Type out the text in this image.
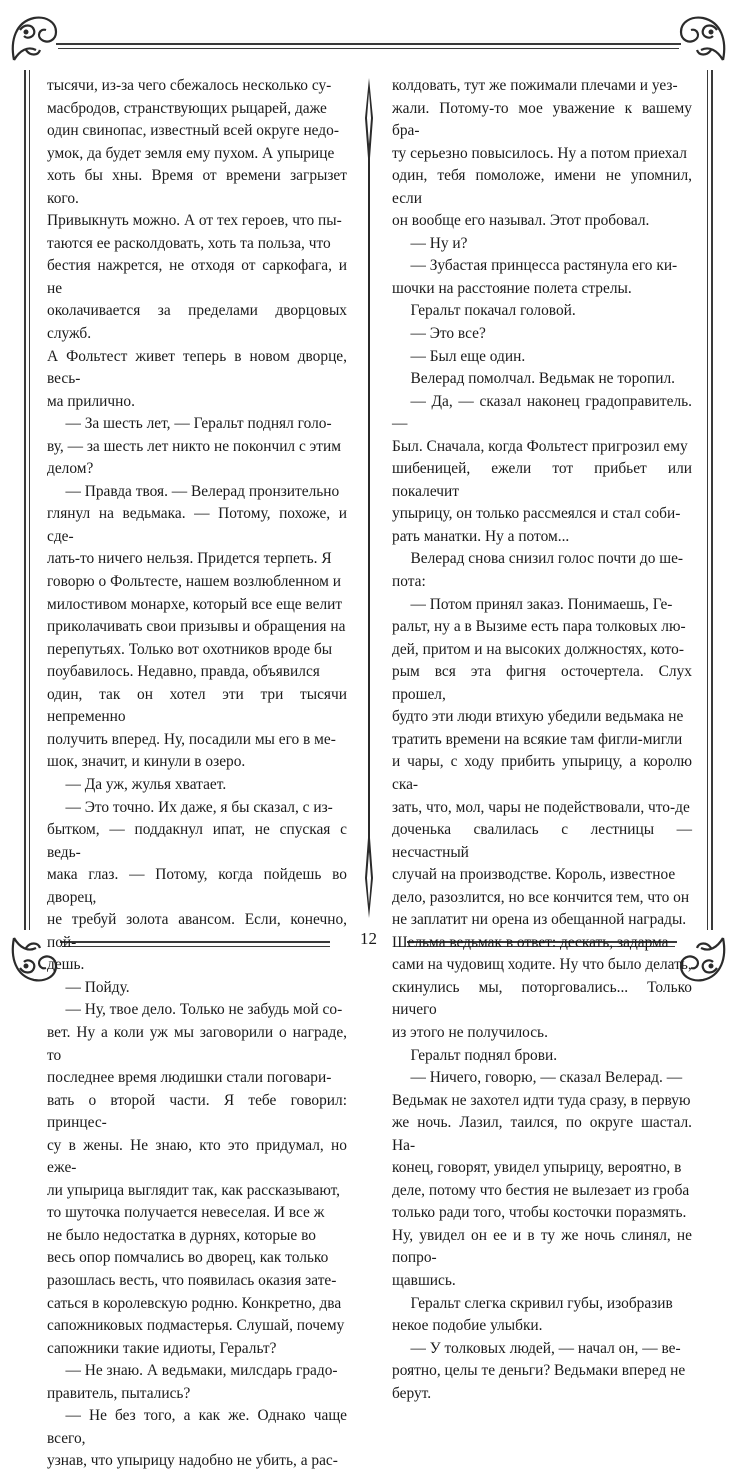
тысячи, из-за чего сбежалось несколько су-
масбродов, странствующих рыцарей, даже
один свинопас, известный всей округе недо-
умок, да будет земля ему пухом. А упырице
хоть бы хны. Время от времени загрызет кого.
Привыкнуть можно. А от тех героев, что пы-
таются ее расколдовать, хоть та польза, что
бестия нажрется, не отходя от саркофага, и не
околачивается за пределами дворцовых служб.
А Фольтест живет теперь в новом дворце, весь-
ма прилично.

— За шесть лет, — Геральт поднял голо-
ву, — за шесть лет никто не покончил с этим
делом?

— Правда твоя. — Велерад пронзительно
глянул на ведьмака. — Потому, похоже, и сде-
лать-то ничего нельзя. Придется терпеть. Я
говорю о Фольтесте, нашем возлюбленном и
милостивом монархе, который все еще велит
приколачивать свои призывы и обращения на
перепутьях. Только вот охотников вроде бы
поубавилось. Недавно, правда, объявился
один, так он хотел эти три тысячи непременно
получить вперед. Ну, посадили мы его в ме-
шок, значит, и кинули в озеро.

— Да уж, жулья хватает.

— Это точно. Их даже, я бы сказал, с из-
бытком, — поддакнул ипат, не спуская с ведь-
мака глаз. — Потому, когда пойдешь во дворец,
не требуй золота авансом. Если, конечно, пой-
дешь.

— Пойду.

— Ну, твое дело. Только не забудь мой со-
вет. Ну а коли уж мы заговорили о награде, то
последнее время людишки стали поговари-
вать о второй части. Я тебе говорил: принцес-
су в жены. Не знаю, кто это придумал, но ежe-
ли упырица выглядит так, как рассказывают,
то шуточка получается невеселая. И все ж
не было недостатка в дурнях, которые во
весь опор помчались во дворец, как только
разошлась весть, что появилась оказия зате-
саться в королевскую родню. Конкретно, два
сапожниковых подмастерья. Слушай, почему
сапожники такие идиоты, Геральт?

— Не знаю. А ведьмаки, милсдарь градо-
правитель, пытались?

— Не без того, а как же. Однако чаще всего,
узнав, что упырицу надобно не убить, а рас-

колдовать, тут же пожимали плечами и уез-
жали. Потому-то мое уважение к вашему бра-
ту серьезно повысилось. Ну а потом приехал
один, тебя помоложе, имени не упомнил, если
он вообще его называл. Этот пробовал.

— Ну и?

— Зубастая принцесса растянула его ки-
шочки на расстояние полета стрелы.

Геральт покачал головой.

— Это все?

— Был еще один.

Велерад помолчал. Ведьмак не торопил.

— Да, — сказал наконец градоправитель. —
Был. Сначала, когда Фольтест пригрозил ему
шибеницей, ежели тот прибьет или покалечит
упырицу, он только рассмеялся и стал соби-
рать манатки. Ну а потом...

Велерад снова снизил голос почти до ше-
пота:

— Потом принял заказ. Понимаешь, Ге-
ральт, ну а в Вызиме есть пара толковых лю-
дей, притом и на высоких должностях, кото-
рым вся эта фигня осточертела. Слух прошел,
будто эти люди втихую убедили ведьмака не
тратить времени на всякие там фигли-мигли
и чары, с ходу прибить упырицу, а королю ска-
зать, что, мол, чары не подействовали, что-де
доченька свалилась с лестницы — несчастный
случай на производстве. Король, известное
дело, разозлится, но все кончится тем, что он
не заплатит ни орена из обещанной награды.
Шельма ведьмак в ответ: дескать, задарма
сами на чудовищ ходите. Ну что было делать,
скинулись мы, поторговались... Только ничего
из этого не получилось.

Геральт поднял брови.

— Ничего, говорю, — сказал Велерад. —
Ведьмак не захотел идти туда сразу, в первую
же ночь. Лазил, таился, по округе шастал. На-
конец, говорят, увидел упырицу, вероятно, в
деле, потому что бестия не вылезает из гроба
только ради того, чтобы косточки поразмять.
Ну, увидел он ее и в ту же ночь слинял, не попро-
щавшись.

Геральт слегка скривил губы, изобразив
некое подобие улыбки.

— У толковых людей, — начал он, — ве-
роятно, целы те деньги? Ведьмаки вперед не
берут.

12
